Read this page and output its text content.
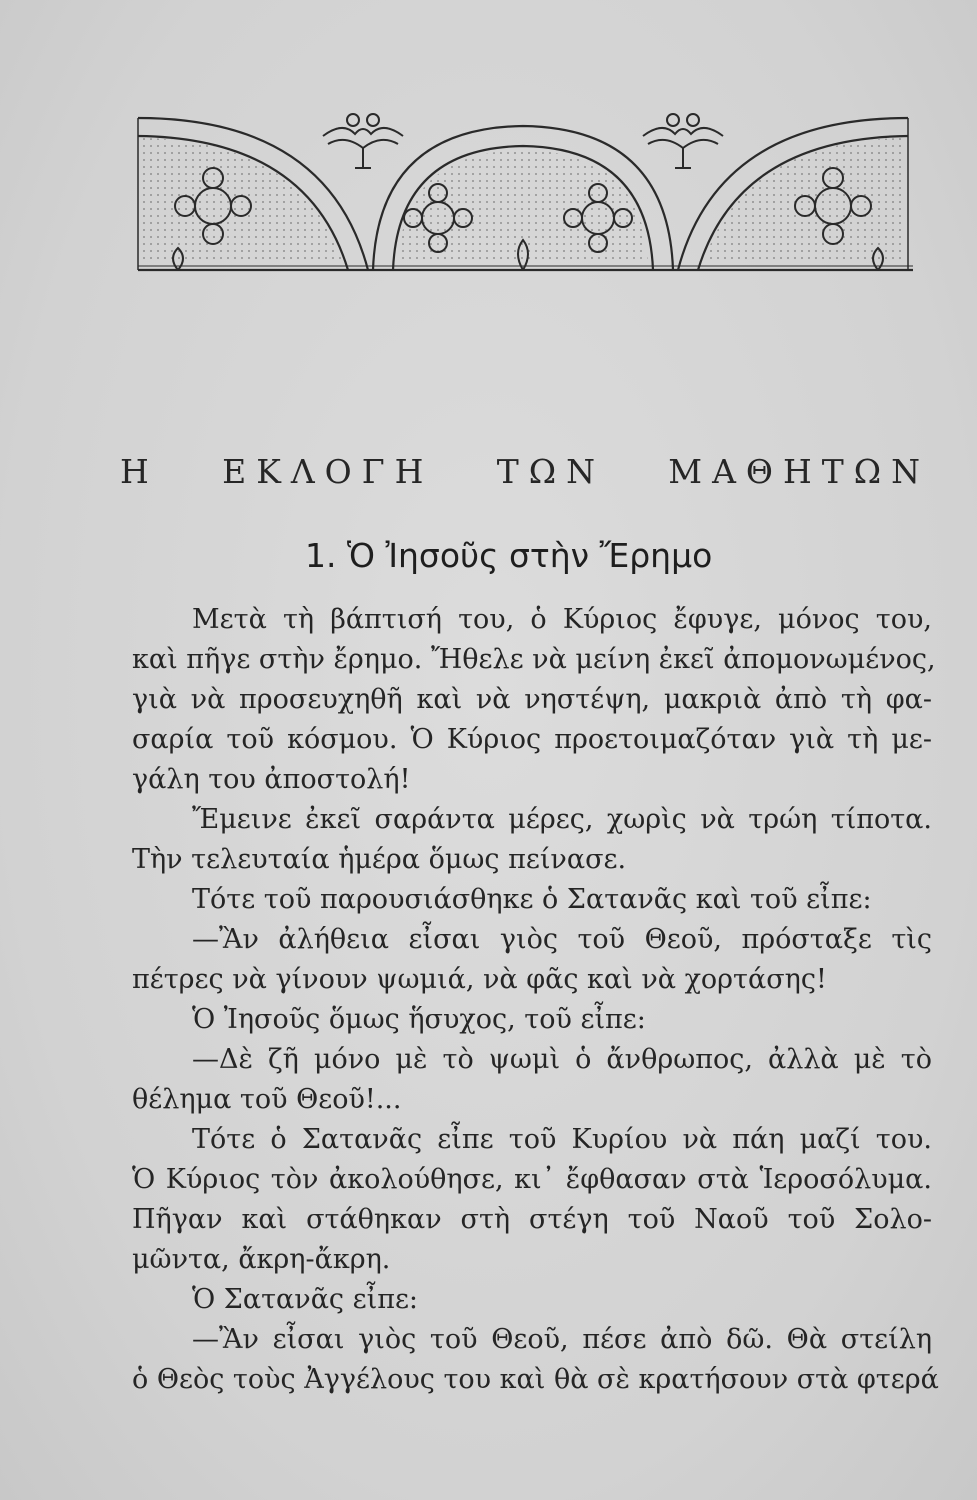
Η ΕΚΛΟΓΗ ΤΩΝ ΜΑΘΗΤΩΝ
1. Ὁ Ἰησοῦς στὴν Ἔρημο
Μετὰ τὴ βάπτισή του, ὁ Κύριος ἔφυγε, μόνος του,
καὶ πῆγε στὴν ἔρημο. Ἤθελε νὰ μείνη ἐκεῖ ἀπομονωμένος,
γιὰ νὰ προσευχηθῆ καὶ νὰ νηστέψη, μακριὰ ἀπὸ τὴ φα-
σαρία τοῦ κόσμου. Ὁ Κύριος προετοιμαζόταν γιὰ τὴ με-
γάλη του ἀποστολή!
Ἔμεινε ἐκεῖ σαράντα μέρες, χωρὶς νὰ τρώη τίποτα.
Τὴν τελευταία ἡμέρα ὅμως πείνασε.
Τότε τοῦ παρουσιάσθηκε ὁ Σατανᾶς καὶ τοῦ εἶπε:
—Ἂν ἀλήθεια εἶσαι γιὸς τοῦ Θεοῦ, πρόσταξε τὶς
πέτρες νὰ γίνουν ψωμιά, νὰ φᾶς καὶ νὰ χορτάσης!
Ὁ Ἰησοῦς ὅμως ἥσυχος, τοῦ εἶπε:
—Δὲ ζῆ μόνο μὲ τὸ ψωμὶ ὁ ἄνθρωπος, ἀλλὰ μὲ τὸ
θέλημα τοῦ Θεοῦ!...
Τότε ὁ Σατανᾶς εἶπε τοῦ Κυρίου νὰ πάη μαζί του.
Ὁ Κύριος τὸν ἀκολούθησε, κι᾽ ἔφθασαν στὰ Ἱεροσόλυμα.
Πῆγαν καὶ στάθηκαν στὴ στέγη τοῦ Ναοῦ τοῦ Σολο-
μῶντα, ἄκρη-ἄκρη.
Ὁ Σατανᾶς εἶπε:
—Ἂν εἶσαι γιὸς τοῦ Θεοῦ, πέσε ἀπὸ δῶ. Θὰ στείλη
ὁ Θεὸς τοὺς Ἀγγέλους του καὶ θὰ σὲ κρατήσουν στὰ φτερά
